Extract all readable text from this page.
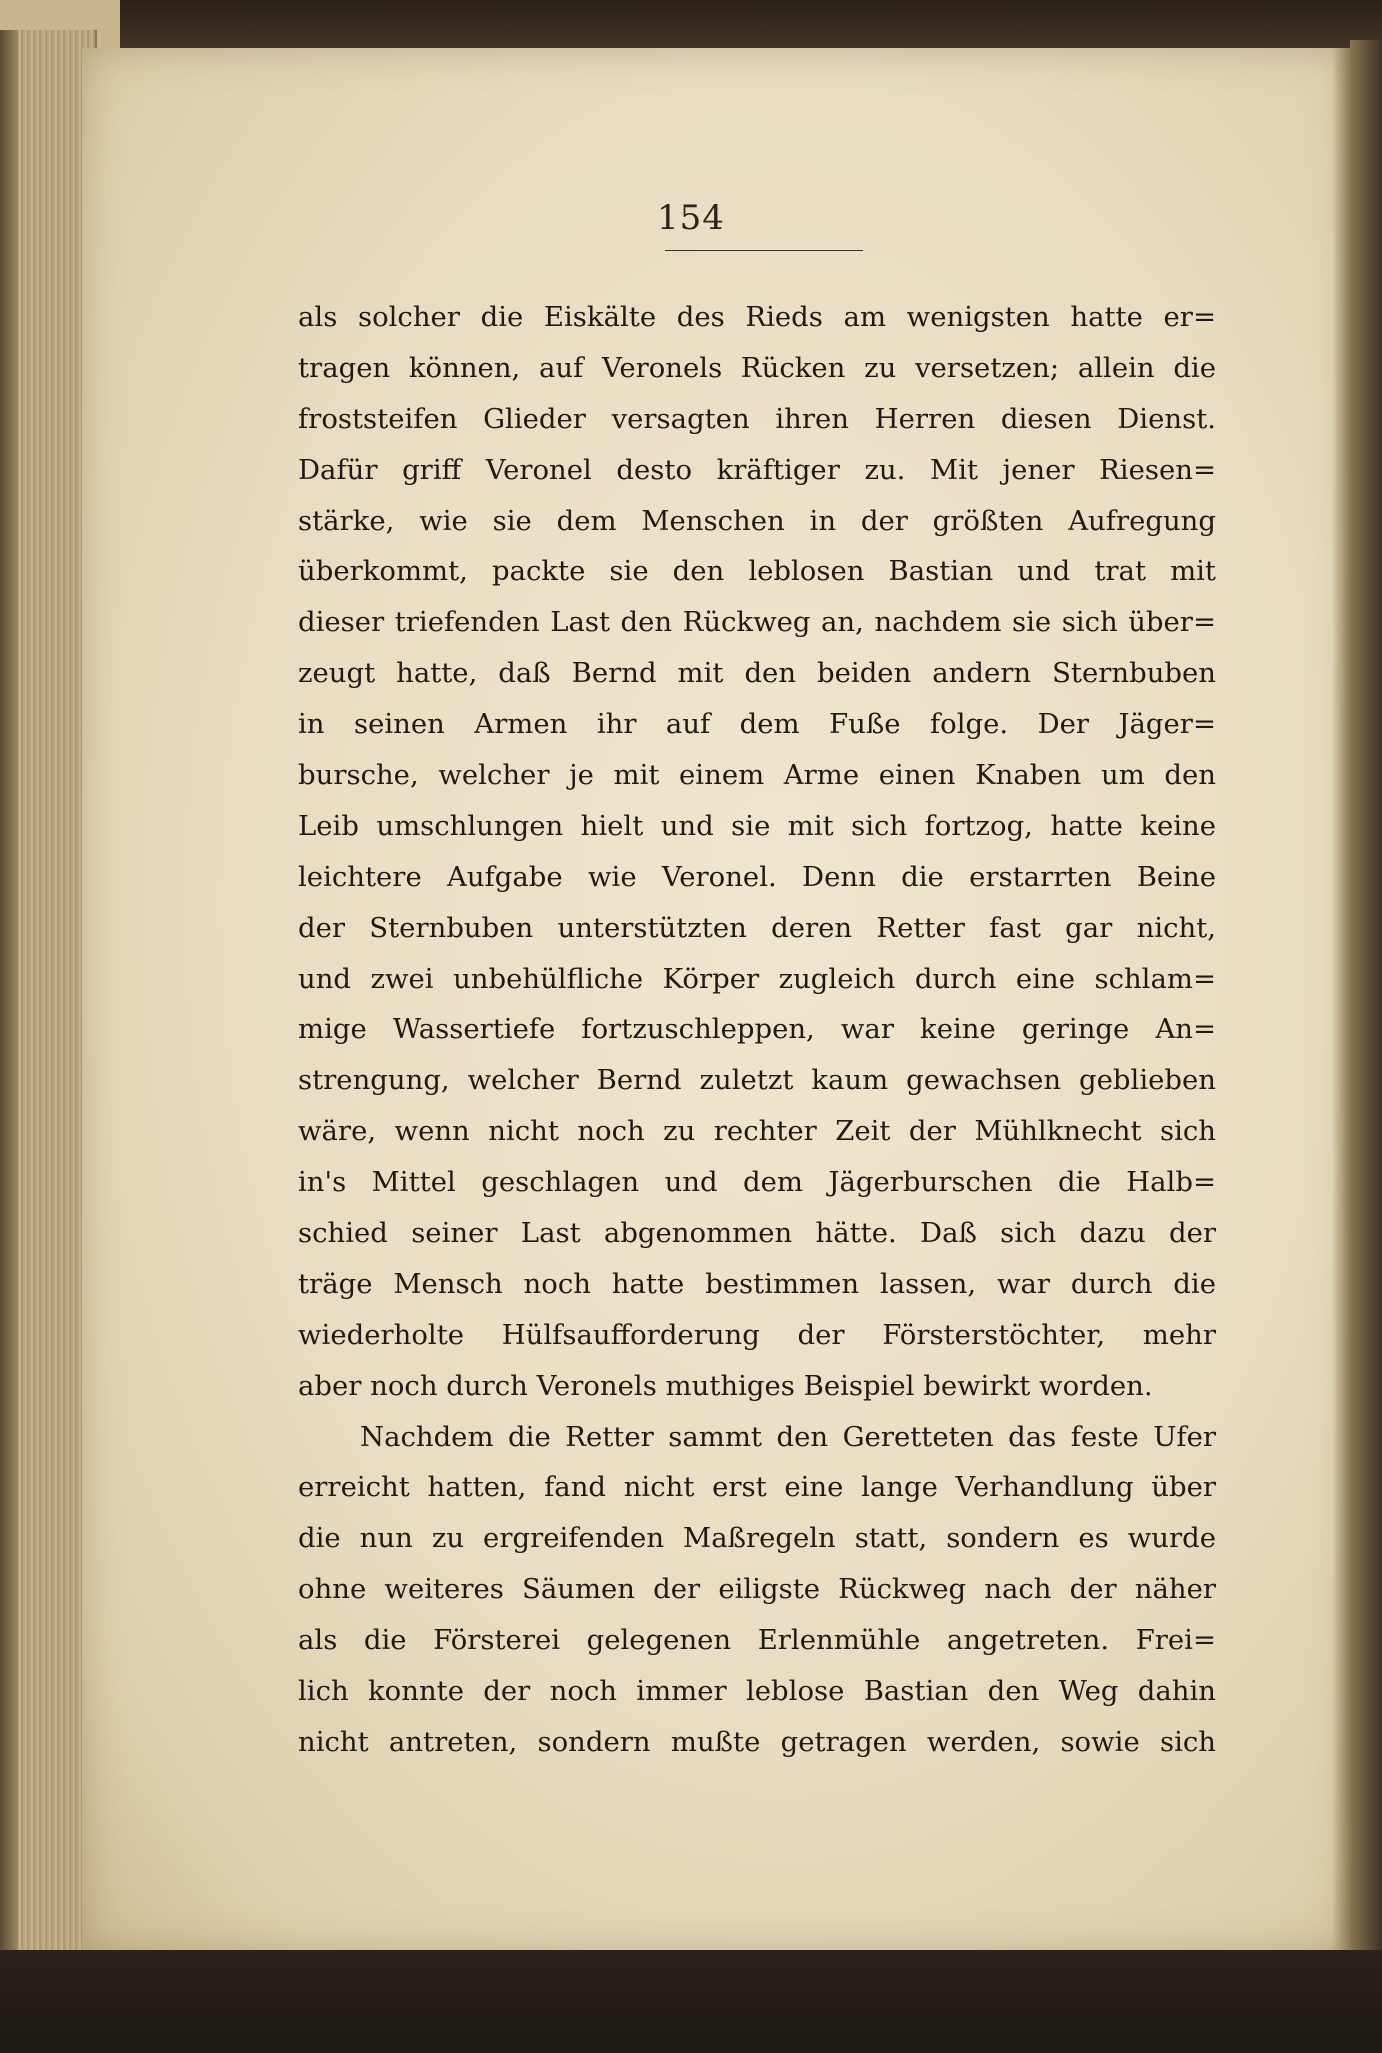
154
als solcher die Eiskälte des Rieds am wenigsten hatte er=
tragen können, auf Veronels Rücken zu versetzen; allein die
froststeifen Glieder versagten ihren Herren diesen Dienst.
Dafür griff Veronel desto kräftiger zu. Mit jener Riesen=
stärke, wie sie dem Menschen in der größten Aufregung
überkommt, packte sie den leblosen Bastian und trat mit
dieser triefenden Last den Rückweg an, nachdem sie sich über=
zeugt hatte, daß Bernd mit den beiden andern Sternbuben
in seinen Armen ihr auf dem Fuße folge. Der Jäger=
bursche, welcher je mit einem Arme einen Knaben um den
Leib umschlungen hielt und sie mit sich fortzog, hatte keine
leichtere Aufgabe wie Veronel. Denn die erstarrten Beine
der Sternbuben unterstützten deren Retter fast gar nicht,
und zwei unbehülfliche Körper zugleich durch eine schlam=
mige Wassertiefe fortzuschleppen, war keine geringe An=
strengung, welcher Bernd zuletzt kaum gewachsen geblieben
wäre, wenn nicht noch zu rechter Zeit der Mühlknecht sich
in's Mittel geschlagen und dem Jägerburschen die Halb=
schied seiner Last abgenommen hätte. Daß sich dazu der
träge Mensch noch hatte bestimmen lassen, war durch die
wiederholte Hülfsaufforderung der Försterstöchter, mehr
aber noch durch Veronels muthiges Beispiel bewirkt worden.
Nachdem die Retter sammt den Geretteten das feste Ufer
erreicht hatten, fand nicht erst eine lange Verhandlung über
die nun zu ergreifenden Maßregeln statt, sondern es wurde
ohne weiteres Säumen der eiligste Rückweg nach der näher
als die Försterei gelegenen Erlenmühle angetreten. Frei=
lich konnte der noch immer leblose Bastian den Weg dahin
nicht antreten, sondern mußte getragen werden, sowie sich
